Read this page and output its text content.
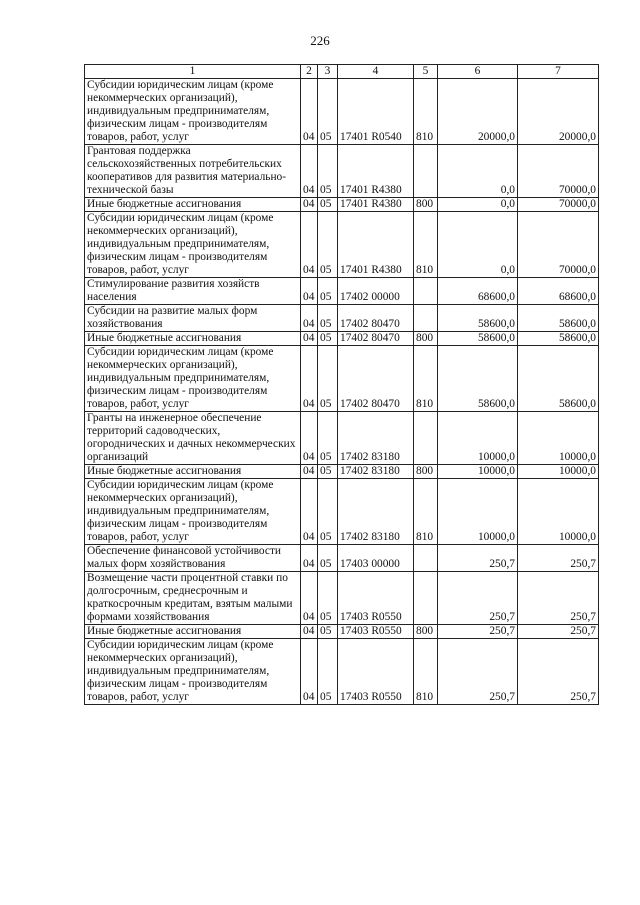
226
1	2	3	4	5	6	7
Субсидии юридическим лицам (кроме некоммерческих организаций), индивидуальным предпринимателям, физическим лицам - производителям товаров, работ, услуг	04	05	17401 R0540	810	20000,0	20000,0
Грантовая поддержка сельскохозяйственных потребительских кооперативов для развития материально-технической базы	04	05	17401 R4380		0,0	70000,0
Иные бюджетные ассигнования	04	05	17401 R4380	800	0,0	70000,0
Субсидии юридическим лицам (кроме некоммерческих организаций), индивидуальным предпринимателям, физическим лицам - производителям товаров, работ, услуг	04	05	17401 R4380	810	0,0	70000,0
Стимулирование развития хозяйств населения	04	05	17402 00000		68600,0	68600,0
Субсидии на развитие малых форм хозяйствования	04	05	17402 80470		58600,0	58600,0
Иные бюджетные ассигнования	04	05	17402 80470	800	58600,0	58600,0
Субсидии юридическим лицам (кроме некоммерческих организаций), индивидуальным предпринимателям, физическим лицам - производителям товаров, работ, услуг	04	05	17402 80470	810	58600,0	58600,0
Гранты на инженерное обеспечение территорий садоводческих, огороднических и дачных некоммерческих организаций	04	05	17402 83180		10000,0	10000,0
Иные бюджетные ассигнования	04	05	17402 83180	800	10000,0	10000,0
Субсидии юридическим лицам (кроме некоммерческих организаций), индивидуальным предпринимателям, физическим лицам - производителям товаров, работ, услуг	04	05	17402 83180	810	10000,0	10000,0
Обеспечение финансовой устойчивости малых форм хозяйствования	04	05	17403 00000		250,7	250,7
Возмещение части процентной ставки по долгосрочным, среднесрочным и краткосрочным кредитам, взятым малыми формами хозяйствования	04	05	17403 R0550		250,7	250,7
Иные бюджетные ассигнования	04	05	17403 R0550	800	250,7	250,7
Субсидии юридическим лицам (кроме некоммерческих организаций), индивидуальным предпринимателям, физическим лицам - производителям товаров, работ, услуг	04	05	17403 R0550	810	250,7	250,7
